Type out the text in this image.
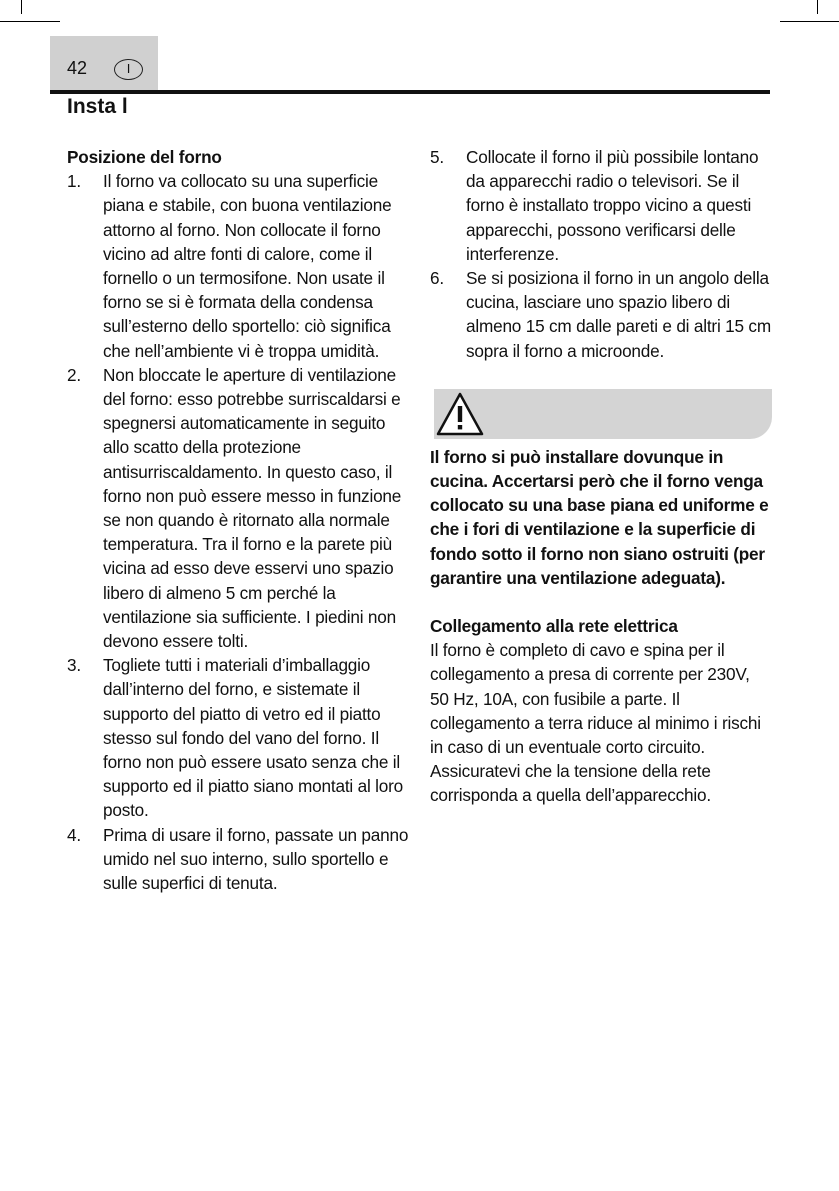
42	I
Insta l
Posizione del forno
1. Il forno va collocato su una superficie piana e stabile, con buona ventilazione attorno al forno. Non collocate il forno vicino ad altre fonti di calore, come il fornello o un termosifone. Non usate il forno se si è formata della condensa sull’esterno dello sportello: ciò significa che nell’ambiente vi è troppa umidità.
2. Non bloccate le aperture di ventilazione del forno: esso potrebbe surriscaldarsi e spegnersi automaticamente in seguito allo scatto della protezione antisurriscaldamento. In questo caso, il forno non può essere messo in funzione se non quando è ritornato alla normale temperatura. Tra il forno e la parete più vicina ad esso deve esservi uno spazio libero di almeno 5 cm perché la ventilazione sia sufficiente. I piedini non devono essere tolti.
3. Togliete tutti i materiali d’imballaggio dall’interno del forno, e sistemate il supporto del piatto di vetro ed il piatto stesso sul fondo del vano del forno. Il forno non può essere usato senza che il supporto ed il piatto siano montati al loro posto.
4. Prima di usare il forno, passate un panno umido nel suo interno, sullo sportello e sulle superfici di tenuta.
5. Collocate il forno il più possibile lontano da apparecchi radio o televisori. Se il forno è installato troppo vicino a questi apparecchi, possono verificarsi delle interferenze.
6. Se si posiziona il forno in un angolo della cucina, lasciare uno spazio libero di almeno 15 cm dalle pareti e di altri 15 cm sopra il forno a microonde.
Il forno si può installare dovunque in cucina. Accertarsi però che il forno venga collocato su una base piana ed uniforme e che i fori di ventilazione e la superficie di fondo sotto il forno non siano ostruiti (per garantire una ventilazione adeguata).
Collegamento alla rete elettrica
Il forno è completo di cavo e spina per il collegamento a presa di corrente per 230V, 50 Hz, 10A, con fusibile a parte. Il collegamento a terra riduce al minimo i rischi in caso di un eventuale corto circuito. Assicuratevi che la tensione della rete corrisponda a quella dell’apparecchio.
